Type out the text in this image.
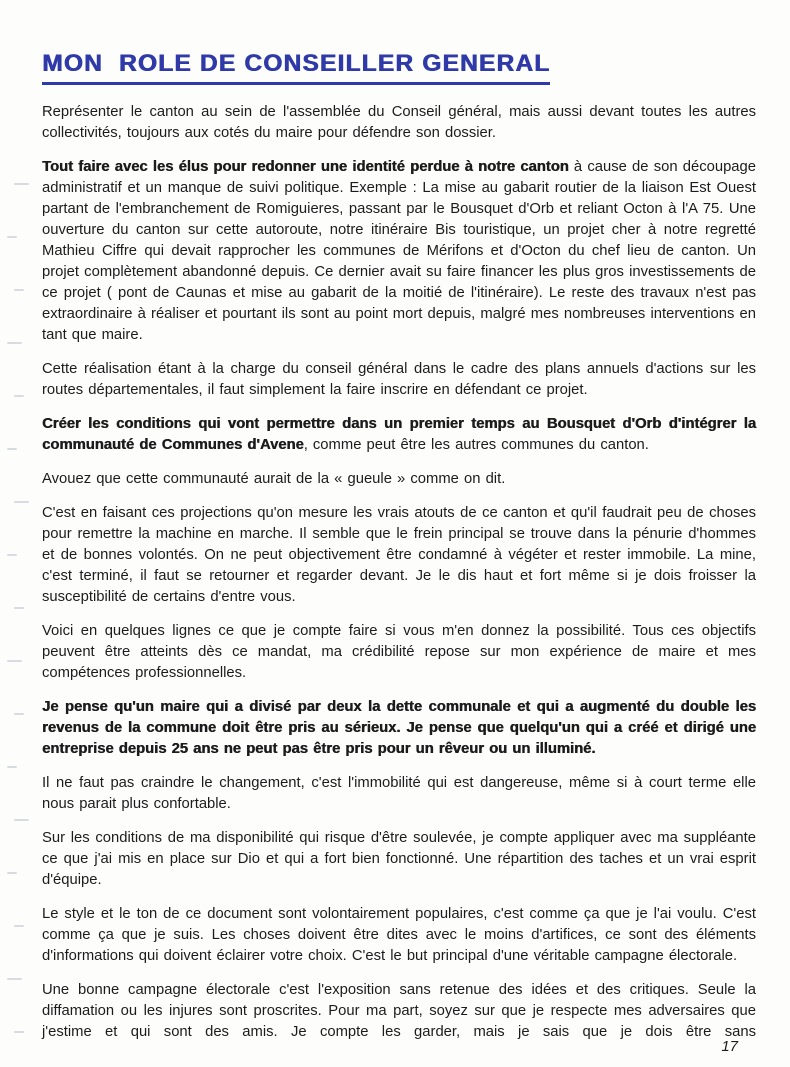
MON  ROLE DE CONSEILLER GENERAL

Représenter le canton au sein de l'assemblée du Conseil général, mais aussi devant toutes les autres collectivités, toujours aux cotés du maire pour défendre son dossier.

Tout faire avec les élus pour redonner une identité perdue à notre canton à cause de son découpage administratif et un manque de suivi politique. Exemple : La mise au gabarit routier de la liaison Est Ouest partant de l'embranchement de Romiguieres, passant par le Bousquet d'Orb et reliant Octon à l'A 75. Une ouverture du canton sur cette autoroute, notre itinéraire Bis touristique, un projet cher à notre regretté Mathieu Ciffre qui devait rapprocher les communes de Mérifons et d'Octon du chef lieu de canton. Un projet complètement abandonné depuis. Ce dernier avait su faire financer les plus gros investissements de ce projet ( pont de Caunas et mise au gabarit de la moitié de l'itinéraire). Le reste des travaux n'est pas extraordinaire à réaliser et pourtant ils sont au point mort depuis, malgré mes nombreuses interventions en tant que maire.

Cette réalisation étant à la charge du conseil général dans le cadre des plans annuels d'actions sur les routes départementales, il faut simplement la faire inscrire en défendant ce projet.

Créer les conditions qui vont permettre dans un premier temps au Bousquet d'Orb d'intégrer la communauté de Communes d'Avene, comme peut être les autres communes du canton.

Avouez que cette communauté aurait de la « gueule » comme on dit.

C'est en faisant ces projections qu'on mesure les vrais atouts de ce canton et qu'il faudrait peu de choses pour remettre la machine en marche. Il semble que le frein principal se trouve dans la pénurie d'hommes et de bonnes volontés. On ne peut objectivement être condamné à végéter et rester immobile. La mine, c'est terminé, il faut se retourner et regarder devant. Je le dis haut et fort même si je dois froisser la susceptibilité de certains d'entre vous.

Voici en quelques lignes ce que je compte faire si vous m'en donnez la possibilité. Tous ces objectifs peuvent être atteints dès ce mandat, ma crédibilité repose sur mon expérience de maire et mes compétences professionnelles.

Je pense qu'un maire qui a divisé par deux la dette communale et qui a augmenté du double les revenus de la commune doit être pris au sérieux. Je pense que quelqu'un qui a créé et dirigé une entreprise depuis 25 ans ne peut pas être pris pour un rêveur ou un illuminé.

Il ne faut pas craindre le changement, c'est l'immobilité qui est dangereuse, même si à court terme elle nous parait plus confortable.

Sur les conditions de ma disponibilité qui risque d'être soulevée, je compte appliquer avec ma suppléante ce que j'ai mis en place sur Dio et qui a fort bien fonctionné. Une répartition des taches et un vrai esprit d'équipe.

Le style et le ton de ce document sont volontairement populaires, c'est comme ça que je l'ai voulu. C'est comme ça que je suis. Les choses doivent être dites avec le moins d'artifices, ce sont des éléments d'informations qui doivent éclairer votre choix. C'est le but principal d'une véritable campagne électorale.

Une bonne campagne électorale c'est l'exposition sans retenue des idées et des critiques. Seule la diffamation ou les injures sont proscrites. Pour ma part, soyez sur que je respecte mes adversaires que j'estime et qui sont des amis. Je compte les garder, mais je sais que je dois être sans

17
